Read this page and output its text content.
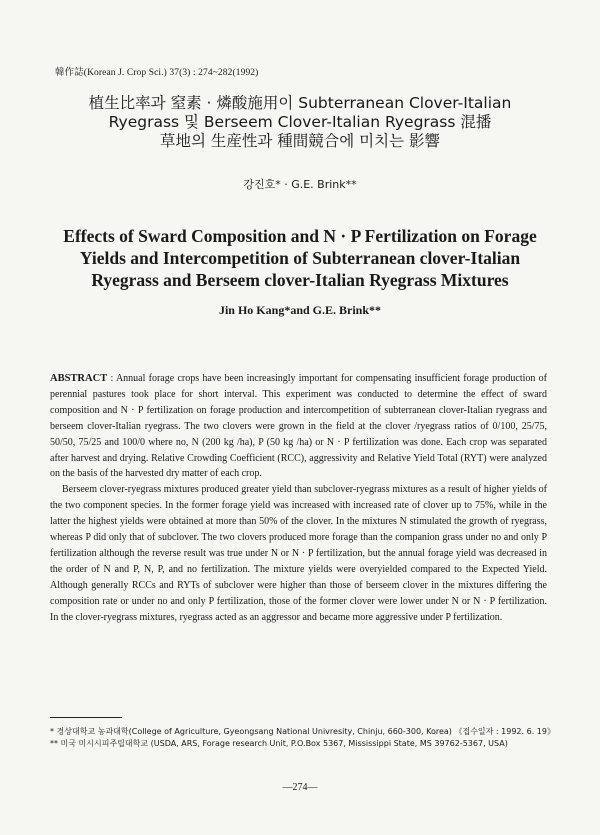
韓作誌(Korean J. Crop Sci.) 37(3) : 274~282(1992)
植生比率과 窒素 · 燐酸施用이 Subterranean Clover-Italian
Ryegrass 및 Berseem Clover-Italian Ryegrass 混播
草地의 生産性과 種間競合에 미치는 影響
강진호* · G.E. Brink**
Effects of Sward Composition and N · P Fertilization on Forage
Yields and Intercompetition of Subterranean clover-Italian
Ryegrass and Berseem clover-Italian Ryegrass Mixtures
Jin Ho Kang*and G.E. Brink**

ABSTRACT : Annual forage crops have been increasingly important for compensating insufficient forage production of perennial pastures took place for short interval. This experiment was conducted to determine the effect of sward composition and N · P fertilization on forage production and intercompetition of subterranean clover-Italian ryegrass and berseem clover-Italian ryegrass. The two clovers were grown in the field at the clover /ryegrass ratios of 0/100, 25/75, 50/50, 75/25 and 100/0 where no, N (200 kg /ha), P (50 kg /ha) or N · P fertilization was done. Each crop was separated after harvest and drying. Relative Crowding Coefficient (RCC), aggressivity and Relative Yield Total (RYT) were analyzed on the basis of the harvested dry matter of each crop.

Berseem clover-ryegrass mixtures produced greater yield than subclover-ryegrass mixtures as a result of higher yields of the two component species. In the former forage yield was increased with increased rate of clover up to 75%, while in the latter the highest yields were obtained at more than 50% of the clover. In the mixtures N stimulated the growth of ryegrass, whereas P did only that of subclover. The two clovers produced more forage than the companion grass under no and only P fertilization although the reverse result was true under N or N · P fertilization, but the annual forage yield was decreased in the order of N and P, N, P, and no fertilization. The mixture yields were overyielded compared to the Expected Yield. Although generally RCCs and RYTs of subclover were higher than those of berseem clover in the mixtures differing the composition rate or under no and only P fertilization, those of the former clover were lower under N or N · P fertilization. In the clover-ryegrass mixtures, ryegrass acted as an aggressor and became more aggressive under P fertilization.

* 경상대학교 농과대학(College of Agriculture, Gyeongsang National Univresity, Chinju, 660-300, Korea) 《접수일자 : 1992. 6. 19》
** 미국 미시시피주립대학교 (USDA, ARS, Forage research Unit, P.O.Box 5367, Mississippi State, MS 39762-5367, USA)
—274—
